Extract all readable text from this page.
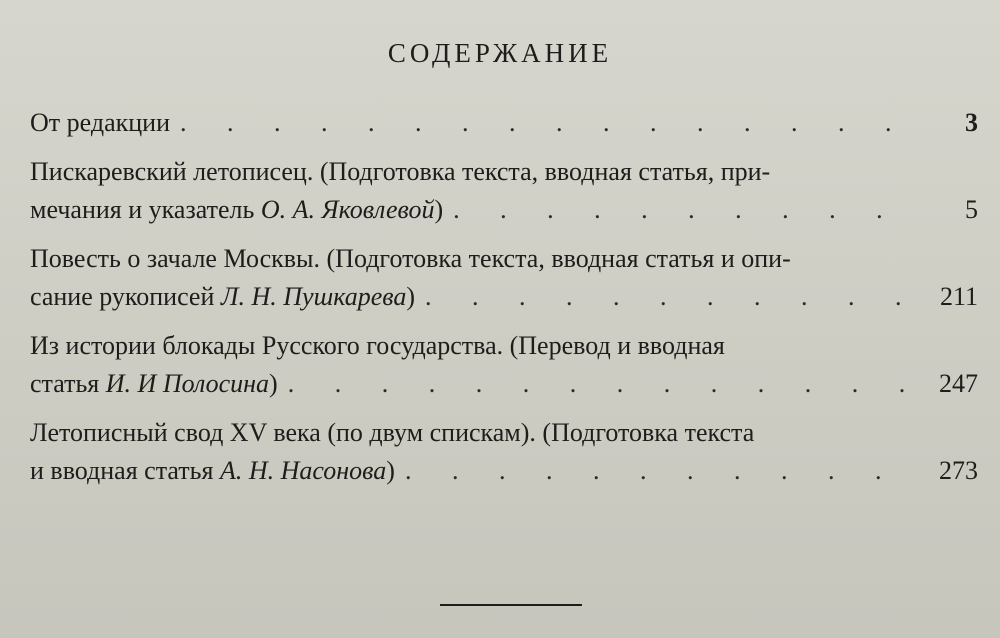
СОДЕРЖАНИЕ
От редакции . . .	3
Пискаревский летописец. (Подготовка текста, вводная статья, при-
мечания и указатель О. А. Яковлевой) . . .	5
Повесть о зачале Москвы. (Подготовка текста, вводная статья и опи-
сание рукописей Л. Н. Пушкарева) . . .	211
Из истории блокады Русского государства. (Перевод и вводная
статья И. И Полосина) . . .	247
Летописный свод XV века (по двум спискам). (Подготовка текста
и вводная статья А. Н. Насонова) . . .	273
